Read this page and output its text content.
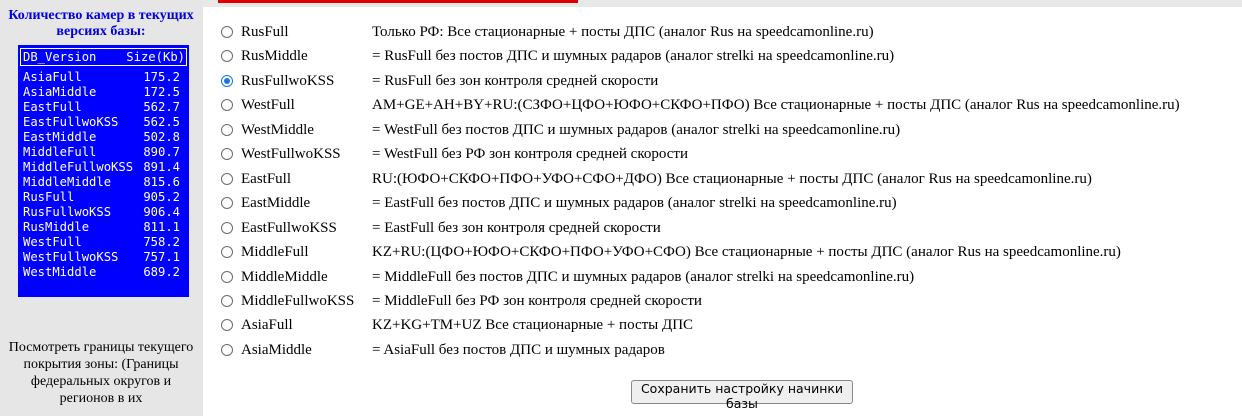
Количество камер в текущих версиях базы:
DB_Version Size(Kb)
AsiaFull	175.2
AsiaMiddle	172.5
EastFull	562.7
EastFullwoKSS 562.5
EastMiddle	502.8
MiddleFull	890.7
MiddleFullwoKSS 891.4
MiddleMiddle	815.6
RusFull	905.2
RusFullwoKSS	906.4
RusMiddle	811.1
WestFull	758.2
WestFullwoKSS 757.1
WestMiddle	689.2
Посмотреть границы текущего покрытия зоны: (Границы федеральных округов и регионов в их
RusFull	Только РФ: Все стационарные + посты ДПС (аналог Rus на speedcamonline.ru)
RusMiddle	= RusFull без постов ДПС и шумных радаров (аналог strelki на speedcamonline.ru)
RusFullwoKSS	= RusFull без зон контроля средней скорости
WestFull	AM+GE+AH+BY+RU:(СЗФО+ЦФО+ЮФО+СКФО+ПФО) Все стационарные + посты ДПС (аналог Rus на speedcamonline.ru)
WestMiddle	= WestFull без постов ДПС и шумных радаров (аналог strelki на speedcamonline.ru)
WestFullwoKSS = WestFull без РФ зон контроля средней скорости
EastFull	RU:(ЮФО+СКФО+ПФО+УФО+СФО+ДФО) Все стационарные + посты ДПС (аналог Rus на speedcamonline.ru)
EastMiddle	= EastFull без постов ДПС и шумных радаров (аналог strelki на speedcamonline.ru)
EastFullwoKSS = EastFull без зон контроля средней скорости
MiddleFull	KZ+RU:(ЦФО+ЮФО+СКФО+ПФО+УФО+СФО) Все стационарные + посты ДПС (аналог Rus на speedcamonline.ru)
MiddleMiddle	= MiddleFull без постов ДПС и шумных радаров (аналог strelki на speedcamonline.ru)
MiddleFullwoKSS = MiddleFull без РФ зон контроля средней скорости
AsiaFull	KZ+KG+TM+UZ Все стационарные + посты ДПС
AsiaMiddle	= AsiaFull без постов ДПС и шумных радаров
Сохранить настройку начинки базы
